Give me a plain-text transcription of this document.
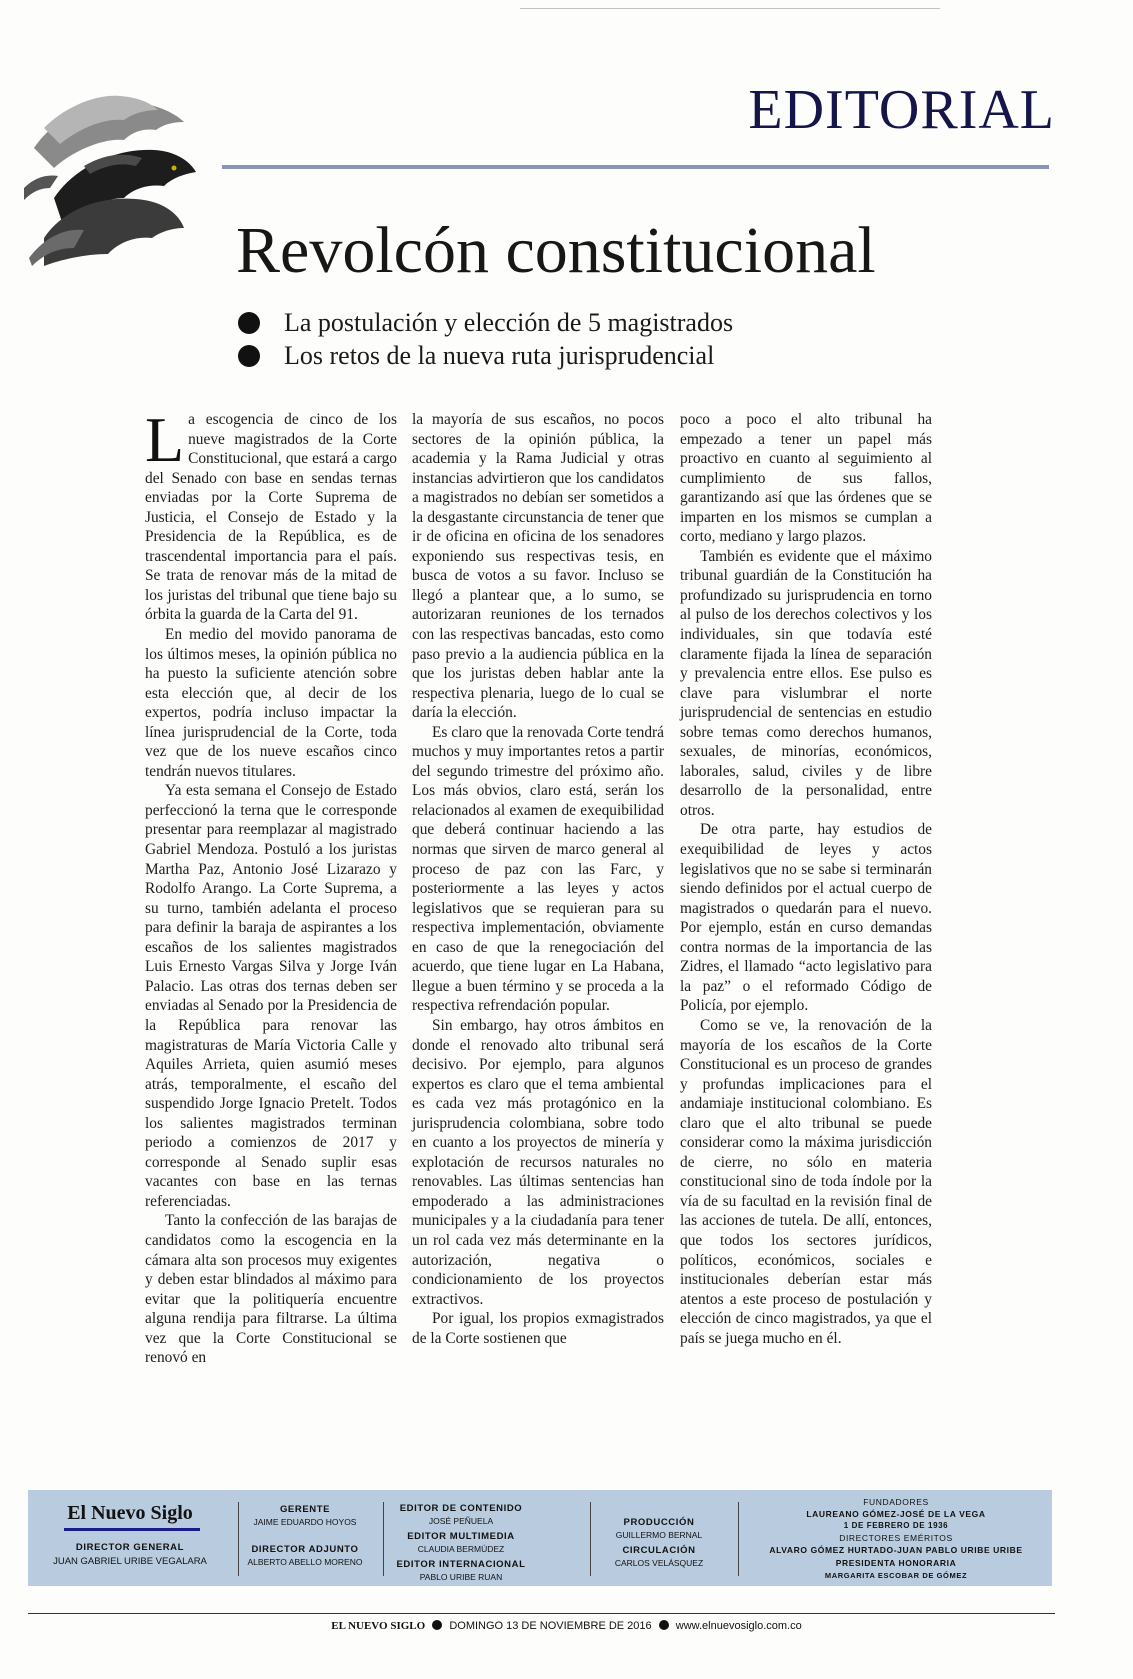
EDITORIAL
Revolcón constitucional
La postulación y elección de 5 magistrados
Los retos de la nueva ruta jurisprudencial

La escogencia de cinco de los nueve magistrados de la Corte Constitucional, que estará a cargo del Senado con base en sendas ternas enviadas por la Corte Suprema de Justicia, el Consejo de Estado y la Presidencia de la República, es de trascendental importancia para el país. Se trata de renovar más de la mitad de los juristas del tribunal que tiene bajo su órbita la guarda de la Carta del 91.

En medio del movido panorama de los últimos meses, la opinión pública no ha puesto la suficiente atención sobre esta elección que, al decir de los expertos, podría incluso impactar la línea jurisprudencial de la Corte, toda vez que de los nueve escaños cinco tendrán nuevos titulares.

Ya esta semana el Consejo de Estado perfeccionó la terna que le corresponde presentar para reemplazar al magistrado Gabriel Mendoza. Postuló a los juristas Martha Paz, Antonio José Lizarazo y Rodolfo Arango. La Corte Suprema, a su turno, también adelanta el proceso para definir la baraja de aspirantes a los escaños de los salientes magistrados Luis Ernesto Vargas Silva y Jorge Iván Palacio. Las otras dos ternas deben ser enviadas al Senado por la Presidencia de la República para renovar las magistraturas de María Victoria Calle y Aquiles Arrieta, quien asumió meses atrás, temporalmente, el escaño del suspendido Jorge Ignacio Pretelt. Todos los salientes magistrados terminan periodo a comienzos de 2017 y corresponde al Senado suplir esas vacantes con base en las ternas referenciadas.

Tanto la confección de las barajas de candidatos como la escogencia en la cámara alta son procesos muy exigentes y deben estar blindados al máximo para evitar que la politiquería encuentre alguna rendija para filtrarse. La última vez que la Corte Constitucional se renovó en

la mayoría de sus escaños, no pocos sectores de la opinión pública, la academia y la Rama Judicial y otras instancias advirtieron que los candidatos a magistrados no debían ser sometidos a la desgastante circunstancia de tener que ir de oficina en oficina de los senadores exponiendo sus respectivas tesis, en busca de votos a su favor. Incluso se llegó a plantear que, a lo sumo, se autorizaran reuniones de los ternados con las respectivas bancadas, esto como paso previo a la audiencia pública en la que los juristas deben hablar ante la respectiva plenaria, luego de lo cual se daría la elección.

Es claro que la renovada Corte tendrá muchos y muy importantes retos a partir del segundo trimestre del próximo año. Los más obvios, claro está, serán los relacionados al examen de exequibilidad que deberá continuar haciendo a las normas que sirven de marco general al proceso de paz con las Farc, y posteriormente a las leyes y actos legislativos que se requieran para su respectiva implementación, obviamente en caso de que la renegociación del acuerdo, que tiene lugar en La Habana, llegue a buen término y se proceda a la respectiva refrendación popular.

Sin embargo, hay otros ámbitos en donde el renovado alto tribunal será decisivo. Por ejemplo, para algunos expertos es claro que el tema ambiental es cada vez más protagónico en la jurisprudencia colombiana, sobre todo en cuanto a los proyectos de minería y explotación de recursos naturales no renovables. Las últimas sentencias han empoderado a las administraciones municipales y a la ciudadanía para tener un rol cada vez más determinante en la autorización, negativa o condicionamiento de los proyectos extractivos.

Por igual, los propios exmagistrados de la Corte sostienen que

poco a poco el alto tribunal ha empezado a tener un papel más proactivo en cuanto al seguimiento al cumplimiento de sus fallos, garantizando así que las órdenes que se imparten en los mismos se cumplan a corto, mediano y largo plazos.

También es evidente que el máximo tribunal guardián de la Constitución ha profundizado su jurisprudencia en torno al pulso de los derechos colectivos y los individuales, sin que todavía esté claramente fijada la línea de separación y prevalencia entre ellos. Ese pulso es clave para vislumbrar el norte jurisprudencial de sentencias en estudio sobre temas como derechos humanos, sexuales, de minorías, económicos, laborales, salud, civiles y de libre desarrollo de la personalidad, entre otros.

De otra parte, hay estudios de exequibilidad de leyes y actos legislativos que no se sabe si terminarán siendo definidos por el actual cuerpo de magistrados o quedarán para el nuevo. Por ejemplo, están en curso demandas contra normas de la importancia de las Zidres, el llamado “acto legislativo para la paz” o el reformado Código de Policía, por ejemplo.

Como se ve, la renovación de la mayoría de los escaños de la Corte Constitucional es un proceso de grandes y profundas implicaciones para el andamiaje institucional colombiano. Es claro que el alto tribunal se puede considerar como la máxima jurisdicción de cierre, no sólo en materia constitucional sino de toda índole por la vía de su facultad en la revisión final de las acciones de tutela. De allí, entonces, que todos los sectores jurídicos, políticos, económicos, sociales e institucionales deberían estar más atentos a este proceso de postulación y elección de cinco magistrados, ya que el país se juega mucho en él.

El Nuevo Siglo
DIRECTOR GENERAL
JUAN GABRIEL URIBE VEGALARA
GERENTE
JAIME EDUARDO HOYOS
DIRECTOR ADJUNTO
ALBERTO ABELLO MORENO
EDITOR DE CONTENIDO
JOSÉ PEÑUELA
EDITOR MULTIMEDIA
CLAUDIA BERMÚDEZ
EDITOR INTERNACIONAL
PABLO URIBE RUAN
PRODUCCIÓN
GUILLERMO BERNAL
CIRCULACIÓN
CARLOS VELÁSQUEZ
FUNDADORES
LAUREANO GÓMEZ-JOSÉ DE LA VEGA
1 DE FEBRERO DE 1936
DIRECTORES EMÉRITOS
ALVARO GÓMEZ HURTADO-JUAN PABLO URIBE URIBE
PRESIDENTA HONORARIA
MARGARITA ESCOBAR DE GÓMEZ
EL NUEVO SIGLO DOMINGO 13 DE NOVIEMBRE DE 2016 www.elnuevosiglo.com.co
